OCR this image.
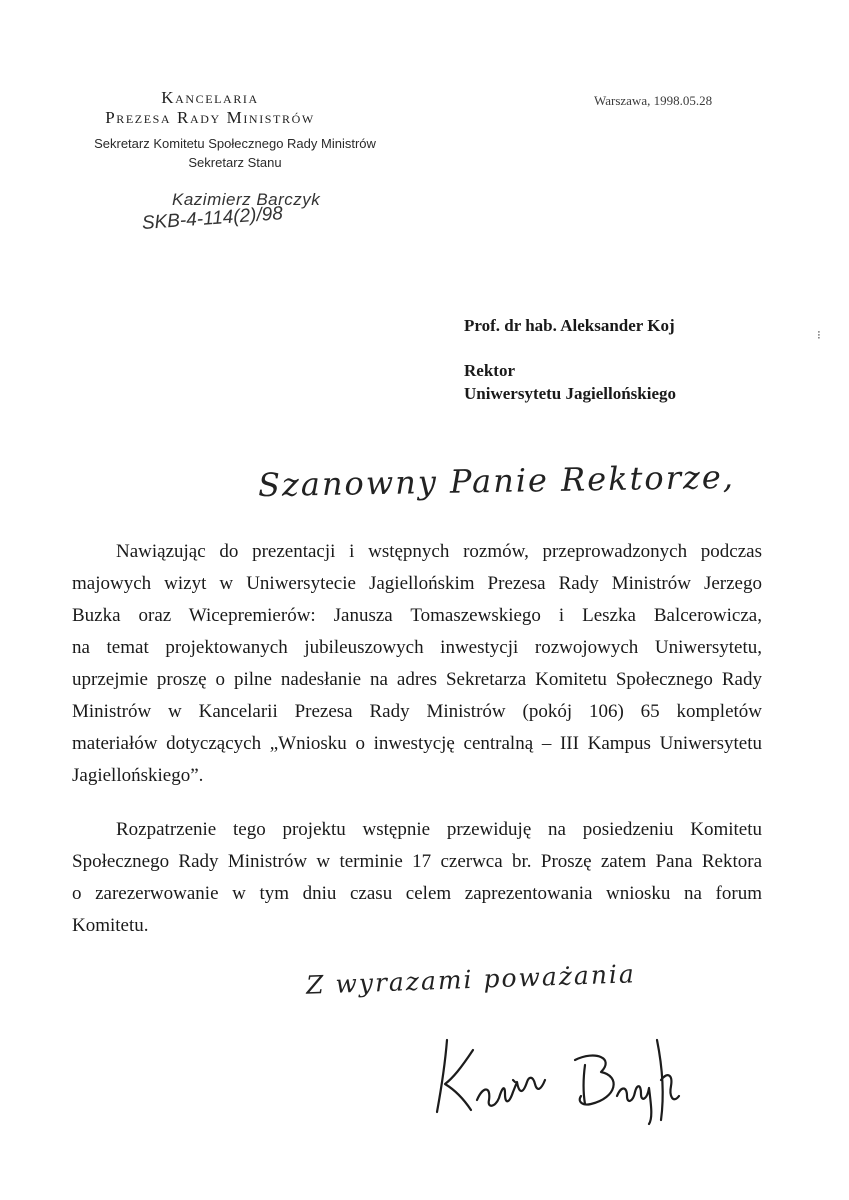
Kancelaria
Prezesa Rady Ministrów
Sekretarz Komitetu Społecznego Rady Ministrów
Sekretarz Stanu
Warszawa, 1998.05.28
Kazimierz Barczyk
SKB-4-114(2)/98
⁝
Prof. dr hab. Aleksander Koj
Rektor
Uniwersytetu Jagiellońskiego
Szanowny Panie Rektorze,
Nawiązując do prezentacji i wstępnych rozmów, przeprowadzonych podczas
majowych wizyt w Uniwersytecie Jagiellońskim Prezesa Rady Ministrów Jerzego
Buzka oraz Wicepremierów: Janusza Tomaszewskiego i Leszka Balcerowicza,
na temat projektowanych jubileuszowych inwestycji rozwojowych Uniwersytetu,
uprzejmie proszę o pilne nadesłanie na adres Sekretarza Komitetu Społecznego Rady
Ministrów w Kancelarii Prezesa Rady Ministrów (pokój 106) 65 kompletów
materiałów dotyczących „Wniosku o inwestycję centralną – III Kampus Uniwersytetu
Jagiellońskiego”.
Rozpatrzenie tego projektu wstępnie przewiduję na posiedzeniu Komitetu
Społecznego Rady Ministrów w terminie 17 czerwca br. Proszę zatem Pana Rektora
o zarezerwowanie w tym dniu czasu celem zaprezentowania wniosku na forum
Komitetu.
Z wyrazami poważania
